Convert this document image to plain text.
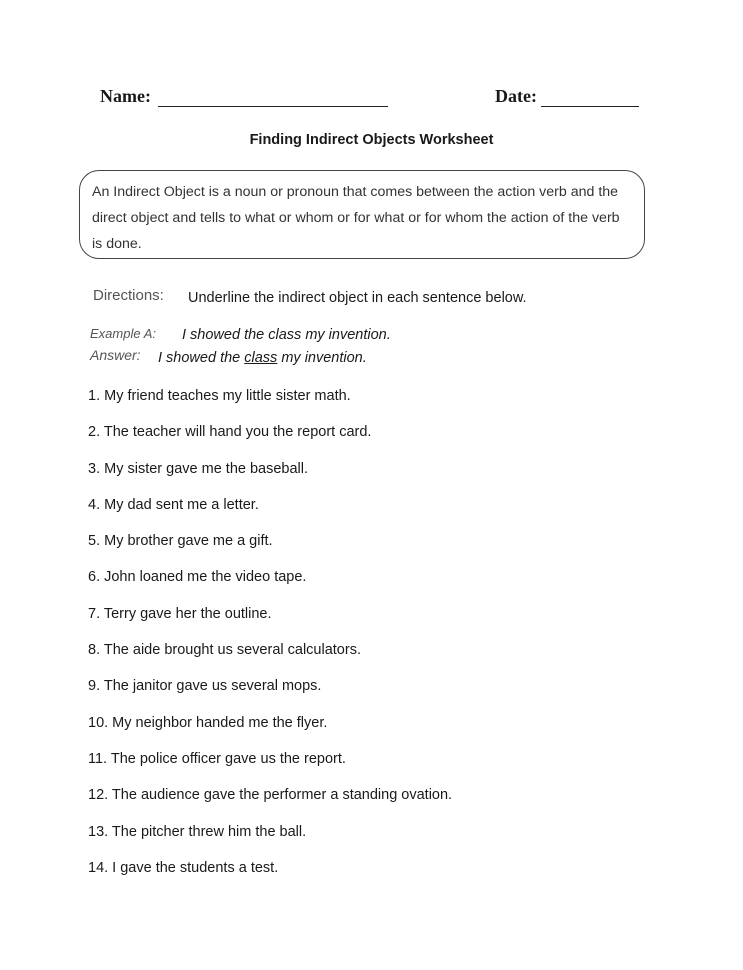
Name:	Date:
Finding Indirect Objects Worksheet
An Indirect Object is a noun or pronoun that comes between the action verb and the direct object and tells to what or whom or for what or for whom the action of the verb is done.
Directions: Underline the indirect object in each sentence below.
Example A: I showed the class my invention.
Answer: I showed the class my invention.
1. My friend teaches my little sister math.
2. The teacher will hand you the report card.
3. My sister gave me the baseball.
4. My dad sent me a letter.
5. My brother gave me a gift.
6. John loaned me the video tape.
7. Terry gave her the outline.
8. The aide brought us several calculators.
9. The janitor gave us several mops.
10. My neighbor handed me the flyer.
11. The police officer gave us the report.
12. The audience gave the performer a standing ovation.
13. The pitcher threw him the ball.
14. I gave the students a test.
